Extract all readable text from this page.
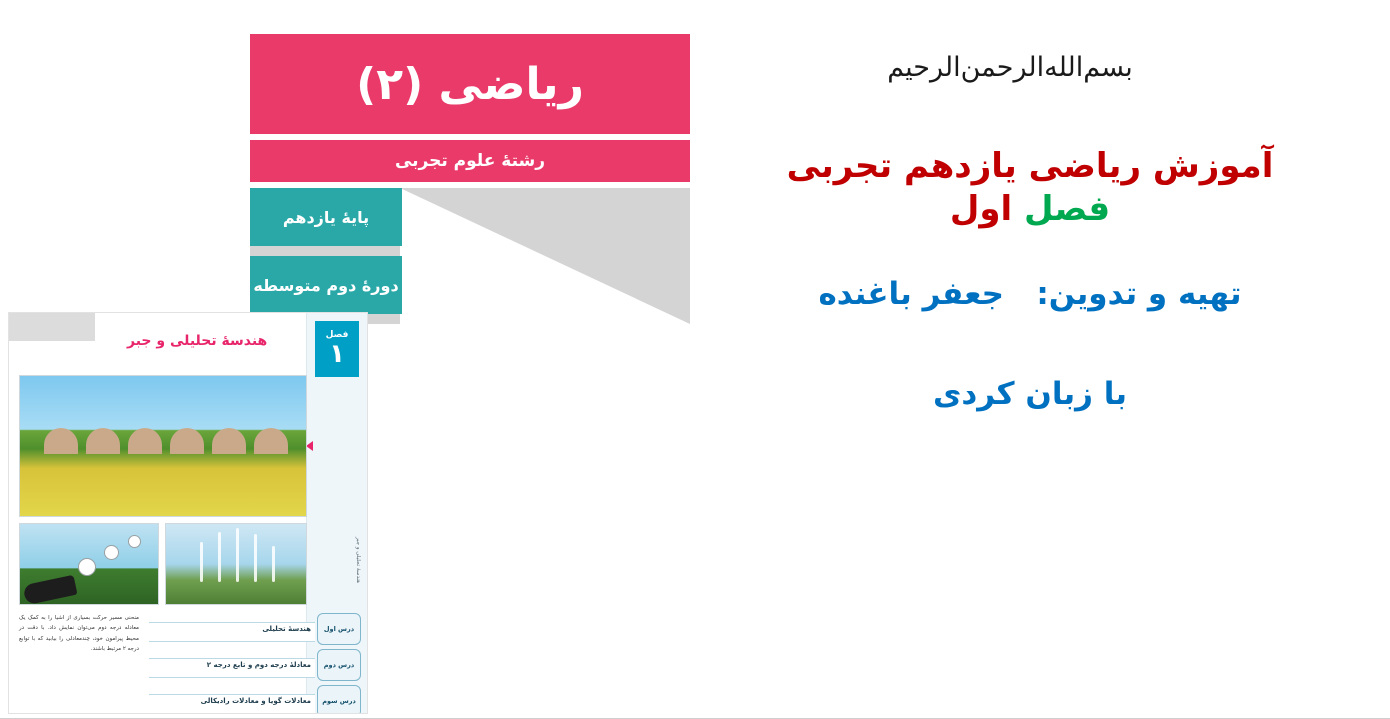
ریاضی (۲)
رشتۀ علوم تجربی
پایۀ یازدهم
دورۀ دوم متوسطه
فصل
۱
هندسۀ تحلیلی و جبر
هندسۀ تحلیلی و جبر
منحنی مسیر حرکت بسیاری از اشیا را به کمک یک معادله درجه دوم می‌توان نمایش داد. با دقت در محیط پیرامون خود، چندمعادلی را بیابید که با توابع درجه ۲ مرتبط باشند.
هندسۀ تحلیلی	درس اول
معادلۀ درجه دوم و تابع درجه ۲	درس دوم
معادلات گویا و معادلات رادیکالی	درس سوم
بسم‌الله‌الرحمن‌الرحیم
آموزش ریاضی یازدهم تجربی
فصل اول
تهیه و تدوین:   جعفر باغنده
با زبان کردی
